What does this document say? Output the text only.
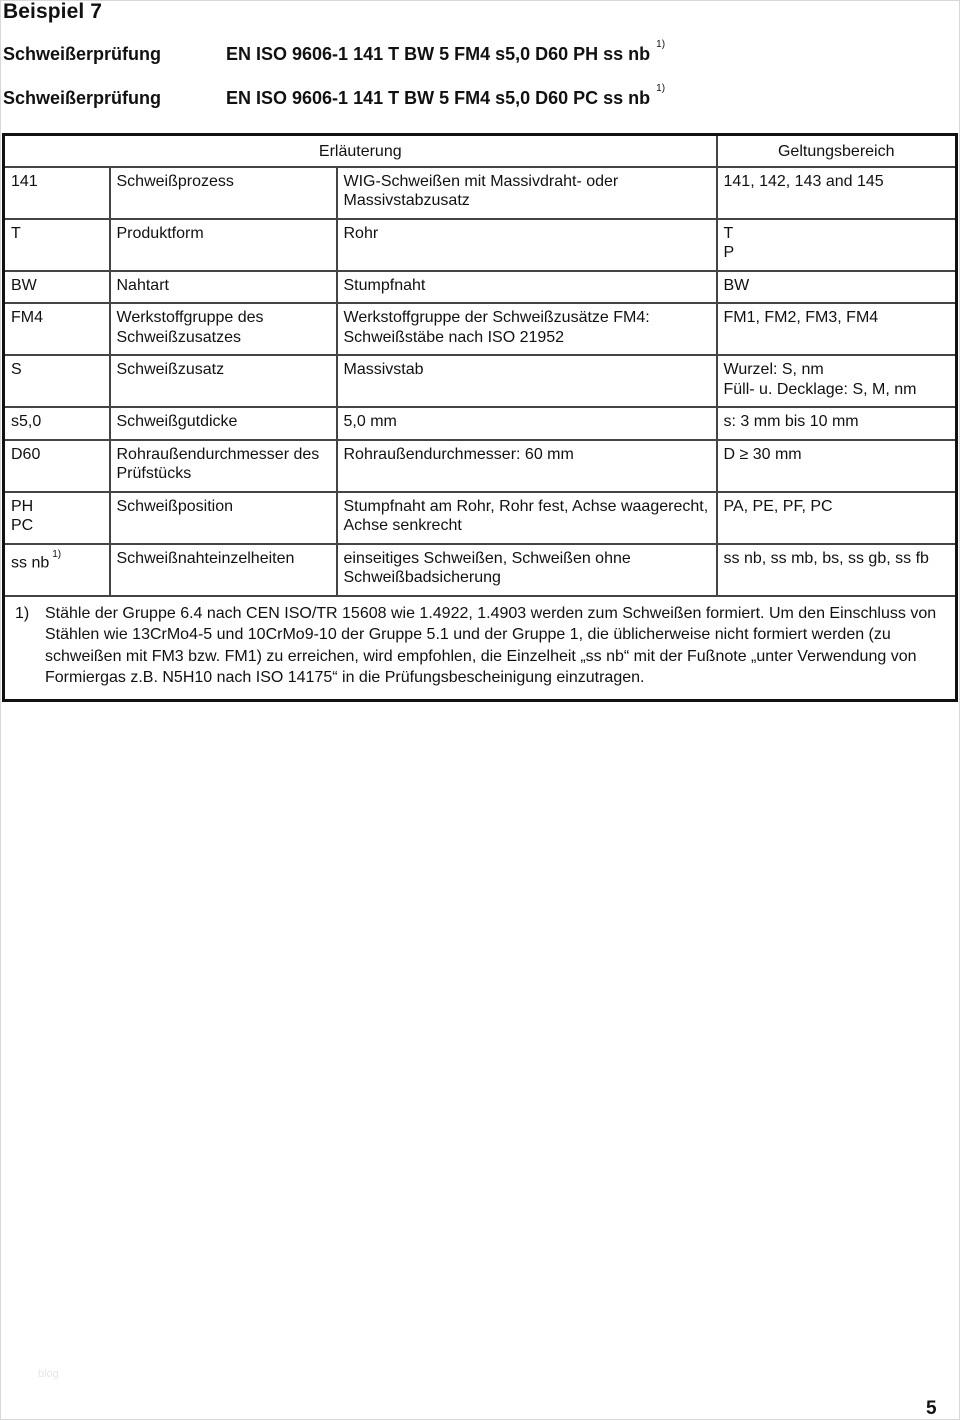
Beispiel 7
Schweißerprüfung	EN ISO 9606-1 141 T BW 5 FM4 s5,0 D60 PH ss nb $^{1)}$
Schweißerprüfung	EN ISO 9606-1 141 T BW 5 FM4 s5,0 D60 PC ss nb $^{1)}$
Erläuterung			Geltungsbereich
141	Schweißprozess	WIG-Schweißen mit Massivdraht- oder Massivstabzusatz	141, 142, 143 and 145
T	Produktform	Rohr	T
P

BW	Nahtart	Stumpfnaht	BW
FM4	Werkstoffgruppe des Schweißzusatzes	Werkstoffgruppe der Schweißzusätze FM4:
Schweißstäbe nach ISO 21952	FM1, FM2, FM3, FM4
S	Schweißzusatz	Massivstab	Wurzel: S, nm
Füll- u. Decklage: S, M, nm

s5,0	Schweißgutdicke	5,0 mm	s: 3 mm bis 10 mm
D60	Rohraußendurchmesser des Prüfstücks	Rohraußendurchmesser: 60 mm	D ≥ 30 mm

PH
PC	Schweißposition	Stumpfnaht am Rohr, Rohr fest, Achse waagerecht, Achse senkrecht	PA, PE, PF, PC
ss nb $^{1)}$	Schweißnahteinzelheiten	einseitiges Schweißen, Schweißen ohne Schweißbadsicherung	ss nb, ss mb, bs, ss gb, ss fb

1) Stähle der Gruppe 6.4 nach CEN ISO/TR 15608 wie 1.4922, 1.4903 werden zum Schweißen formiert. Um den Einschluss von Stählen wie 13CrMo4-5 und 10CrMo9-10 der Gruppe 5.1 und der Gruppe 1, die üblicherweise nicht formiert werden (zu schweißen mit FM3 bzw. FM1) zu erreichen, wird empfohlen, die Einzelheit „ss nb“ mit der Fußnote „unter Verwendung von Formiergas z.B. N5H10 nach ISO 14175“ in die Prüfungsbescheinigung einzutragen.			
blog
5
